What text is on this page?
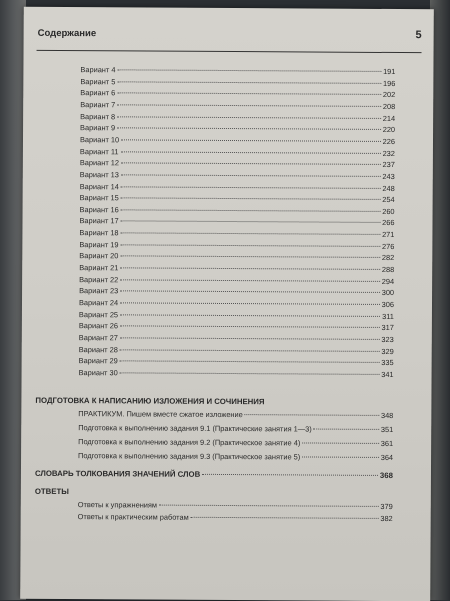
Содержание	5
Вариант 4	191
Вариант 5	196
Вариант 6	202
Вариант 7	208
Вариант 8	214
Вариант 9	220
Вариант 10	226
Вариант 11	232
Вариант 12	237
Вариант 13	243
Вариант 14	248
Вариант 15	254
Вариант 16	260
Вариант 17	266
Вариант 18	271
Вариант 19	276
Вариант 20	282
Вариант 21	288
Вариант 22	294
Вариант 23	300
Вариант 24	306
Вариант 25	311
Вариант 26	317
Вариант 27	323
Вариант 28	329
Вариант 29	335
Вариант 30	341
ПРАКТИКУМ. Пишем вместе сжатое изложение	348
Подготовка к выполнению задания 9.1 (Практические занятия 1—3)	351
Подготовка к выполнению задания 9.2 (Практическое занятие 4)	361
Подготовка к выполнению задания 9.3 (Практическое занятие 5)	364
СЛОВАРЬ ТОЛКОВАНИЯ ЗНАЧЕНИЙ СЛОВ	368
Ответы к упражнениям	379
Ответы к практическим работам	382
ПОДГОТОВКА К НАПИСАНИЮ ИЗЛОЖЕНИЯ И СОЧИНЕНИЯ
ОТВЕТЫ
